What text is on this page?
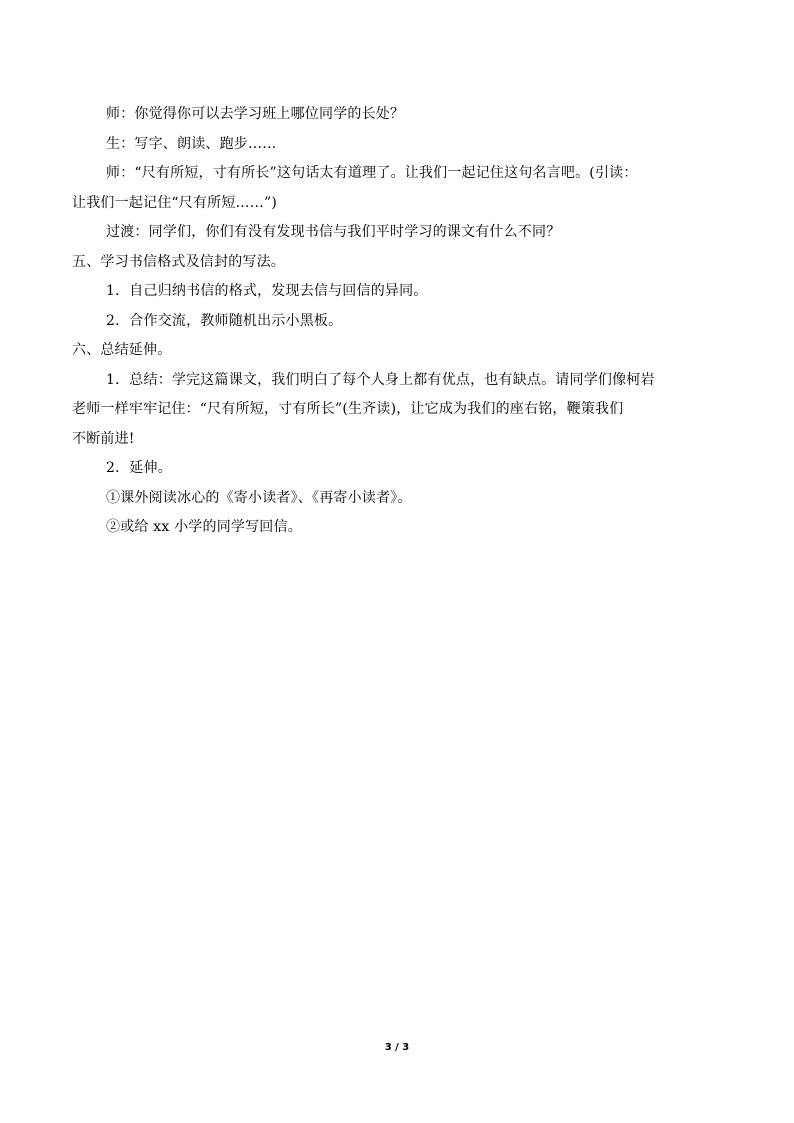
师：你觉得你可以去学习班上哪位同学的长处？
生：写字、朗读、跑步……
师：“尺有所短，寸有所长”这句话太有道理了。让我们一起记住这句名言吧。(引读：
让我们一起记住“尺有所短……”)
过渡：同学们，你们有没有发现书信与我们平时学习的课文有什么不同？
五、学习书信格式及信封的写法。
1．自己归纳书信的格式，发现去信与回信的异同。
2．合作交流，教师随机出示小黑板。
六、总结延伸。
1．总结：学完这篇课文，我们明白了每个人身上都有优点，也有缺点。请同学们像柯岩
老师一样牢牢记住：“尺有所短，寸有所长”(生齐读)，让它成为我们的座右铭，鞭策我们
不断前进!
2．延伸。
①课外阅读冰心的《寄小读者》、《再寄小读者》。
②或给 xx 小学的同学写回信。
3 / 3
